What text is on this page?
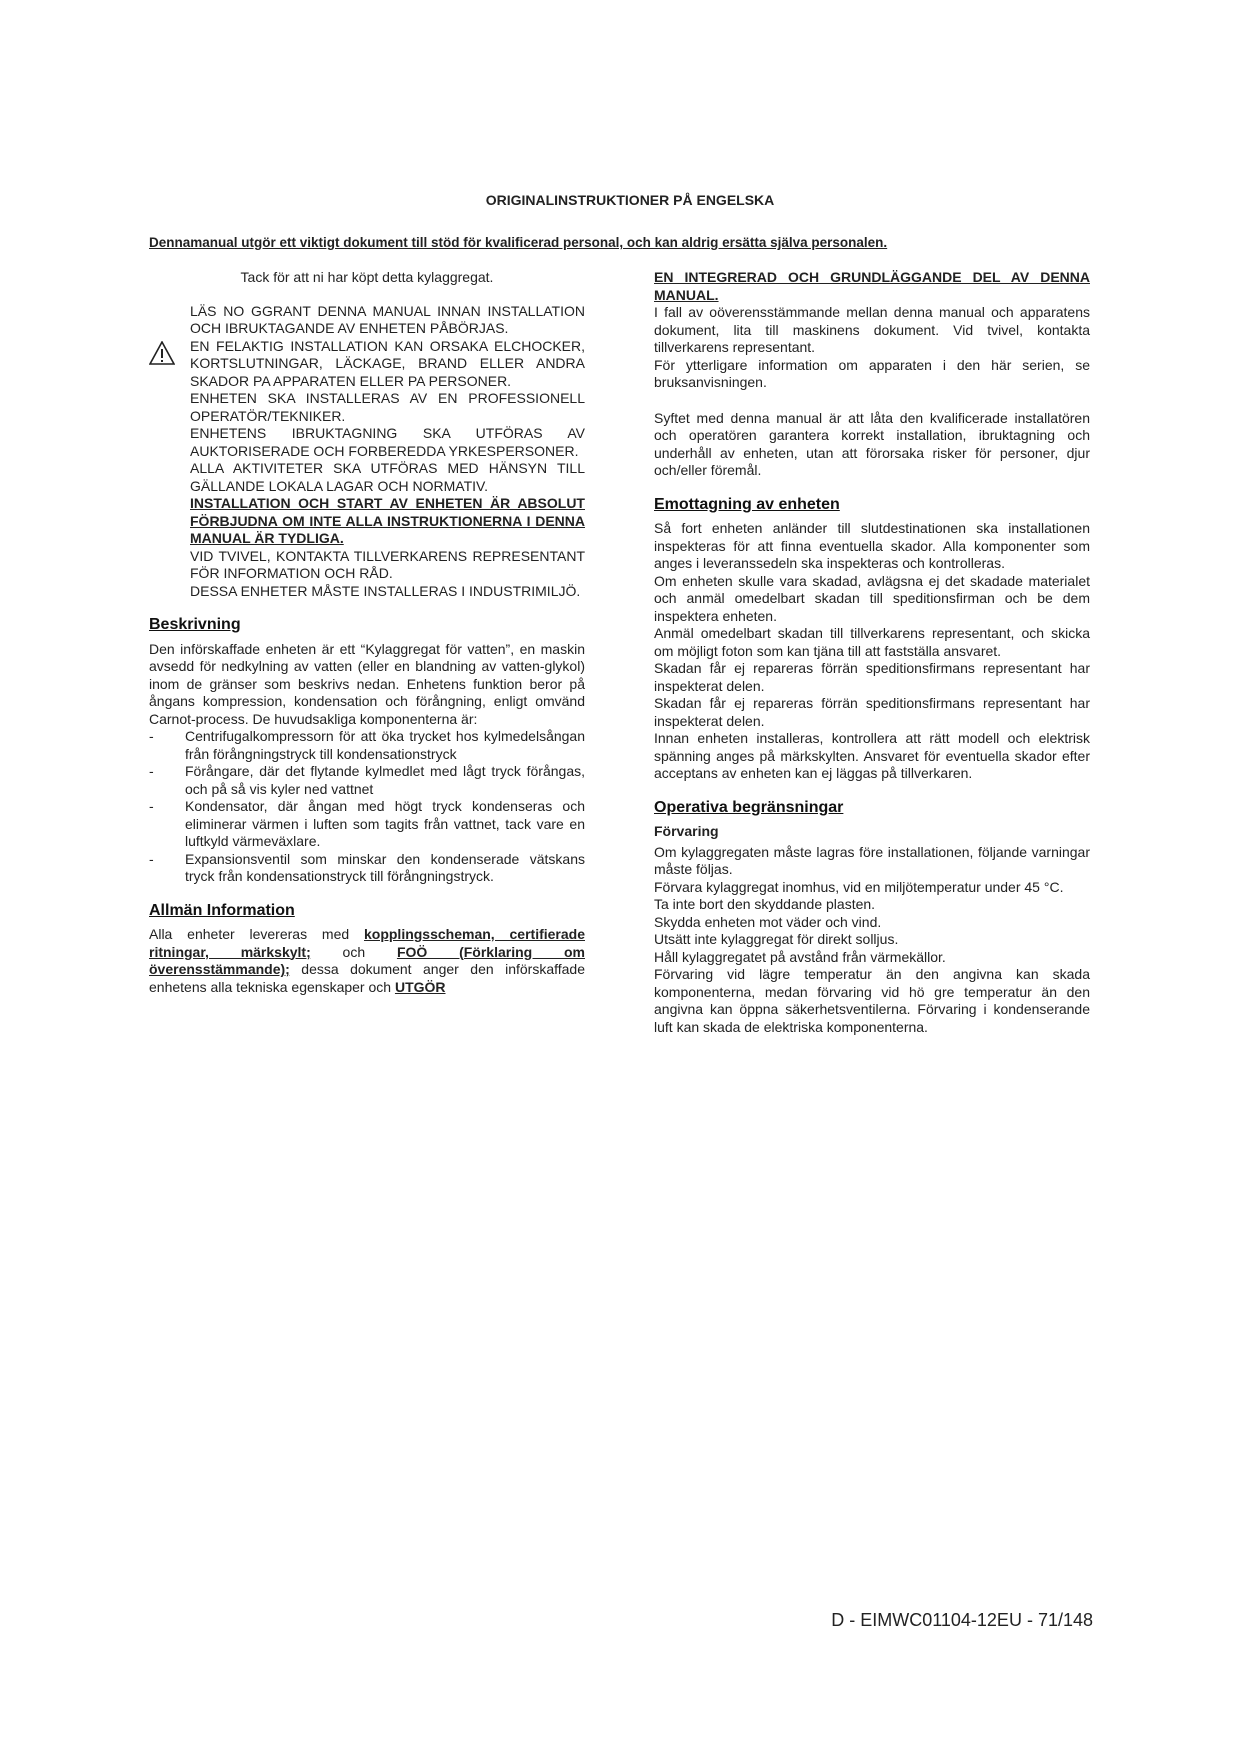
ORIGINALINSTRUKTIONER PÅ ENGELSKA
Dennamanual utgör ett viktigt dokument till stöd för kvalificerad personal, och kan aldrig ersätta själva personalen.

Tack för att ni har köpt detta kylaggregat.

LÄS NO GGRANT DENNA MANUAL INNAN INSTALLATION OCH IBRUKTAGANDE AV ENHETEN PÅBÖRJAS.

EN FELAKTIG INSTALLATION KAN ORSAKA ELCHOCKER, KORTSLUTNINGAR, LÄCKAGE, BRAND ELLER ANDRA SKADOR PA APPARATEN ELLER PA PERSONER.

ENHETEN SKA INSTALLERAS AV EN PROFESSIONELL OPERATÖR/TEKNIKER.

ENHETENS IBRUKTAGNING SKA UTFÖRAS AV AUKTORISERADE OCH FORBEREDDA YRKESPERSONER.

ALLA AKTIVITETER SKA UTFÖRAS MED HÄNSYN TILL GÄLLANDE LOKALA LAGAR OCH NORMATIV.

INSTALLATION OCH START AV ENHETEN ÄR ABSOLUT FÖRBJUDNA OM INTE ALLA INSTRUKTIONERNA I DENNA MANUAL ÄR TYDLIGA.

VID TVIVEL, KONTAKTA TILLVERKARENS REPRESENTANT FÖR INFORMATION OCH RÅD.

DESSA ENHETER MÅSTE INSTALLERAS I INDUSTRIMILJÖ.

Beskrivning

Den införskaffade enheten är ett “Kylaggregat för vatten”, en maskin avsedd för nedkylning av vatten (eller en blandning av vatten-glykol) inom de gränser som beskrivs nedan. Enhetens funktion beror på ångans kompression, kondensation och förångning, enligt omvänd Carnot-process. De huvudsakliga komponenterna är:

- Centrifugalkompressorn för att öka trycket hos kylmedelsångan från förångningstryck till kondensationstryck
- Förångare, där det flytande kylmedlet med lågt tryck förångas, och på så vis kyler ned vattnet
- Kondensator, där ångan med högt tryck kondenseras och eliminerar värmen i luften som tagits från vattnet, tack vare en luftkyld värmeväxlare.
- Expansionsventil som minskar den kondenserade vätskans tryck från kondensationstryck till förångningstryck.

Allmän Information

Alla enheter levereras med kopplingsscheman, certifierade ritningar, märkskylt; och FOÖ (Förklaring om överensstämmande); dessa dokument anger den införskaffade enhetens alla tekniska egenskaper och UTGÖR

EN INTEGRERAD OCH GRUNDLÄGGANDE DEL AV DENNA MANUAL.

I fall av oöverensstämmande mellan denna manual och apparatens dokument, lita till maskinens dokument. Vid tvivel, kontakta tillverkarens representant.

För ytterligare information om apparaten i den här serien, se bruksanvisningen.

Syftet med denna manual är att låta den kvalificerade installatören och operatören garantera korrekt installation, ibruktagning och underhåll av enheten, utan att förorsaka risker för personer, djur och/eller föremål.

Emottagning av enheten

Så fort enheten anländer till slutdestinationen ska installationen inspekteras för att finna eventuella skador. Alla komponenter som anges i leveranssedeln ska inspekteras och kontrolleras.

Om enheten skulle vara skadad, avlägsna ej det skadade materialet och anmäl omedelbart skadan till speditionsfirman och be dem inspektera enheten.

Anmäl omedelbart skadan till tillverkarens representant, och skicka om möjligt foton som kan tjäna till att fastställa ansvaret.

Skadan får ej repareras förrän speditionsfirmans representant har inspekterat delen.

Skadan får ej repareras förrän speditionsfirmans representant har inspekterat delen.

Innan enheten installeras, kontrollera att rätt modell och elektrisk spänning anges på märkskylten. Ansvaret för eventuella skador efter acceptans av enheten kan ej läggas på tillverkaren.

Operativa begränsningar

Förvaring

Om kylaggregaten måste lagras före installationen, följande varningar måste följas.

Förvara kylaggregat inomhus, vid en miljötemperatur under 45 °C.

Ta inte bort den skyddande plasten.

Skydda enheten mot väder och vind.

Utsätt inte kylaggregat för direkt solljus.

Håll kylaggregatet på avstånd från värmekällor.

Förvaring vid lägre temperatur än den angivna kan skada komponenterna, medan förvaring vid hö gre temperatur än den angivna kan öppna säkerhetsventilerna. Förvaring i kondenserande luft kan skada de elektriska komponenterna.

D - EIMWC01104-12EU - 71/148
